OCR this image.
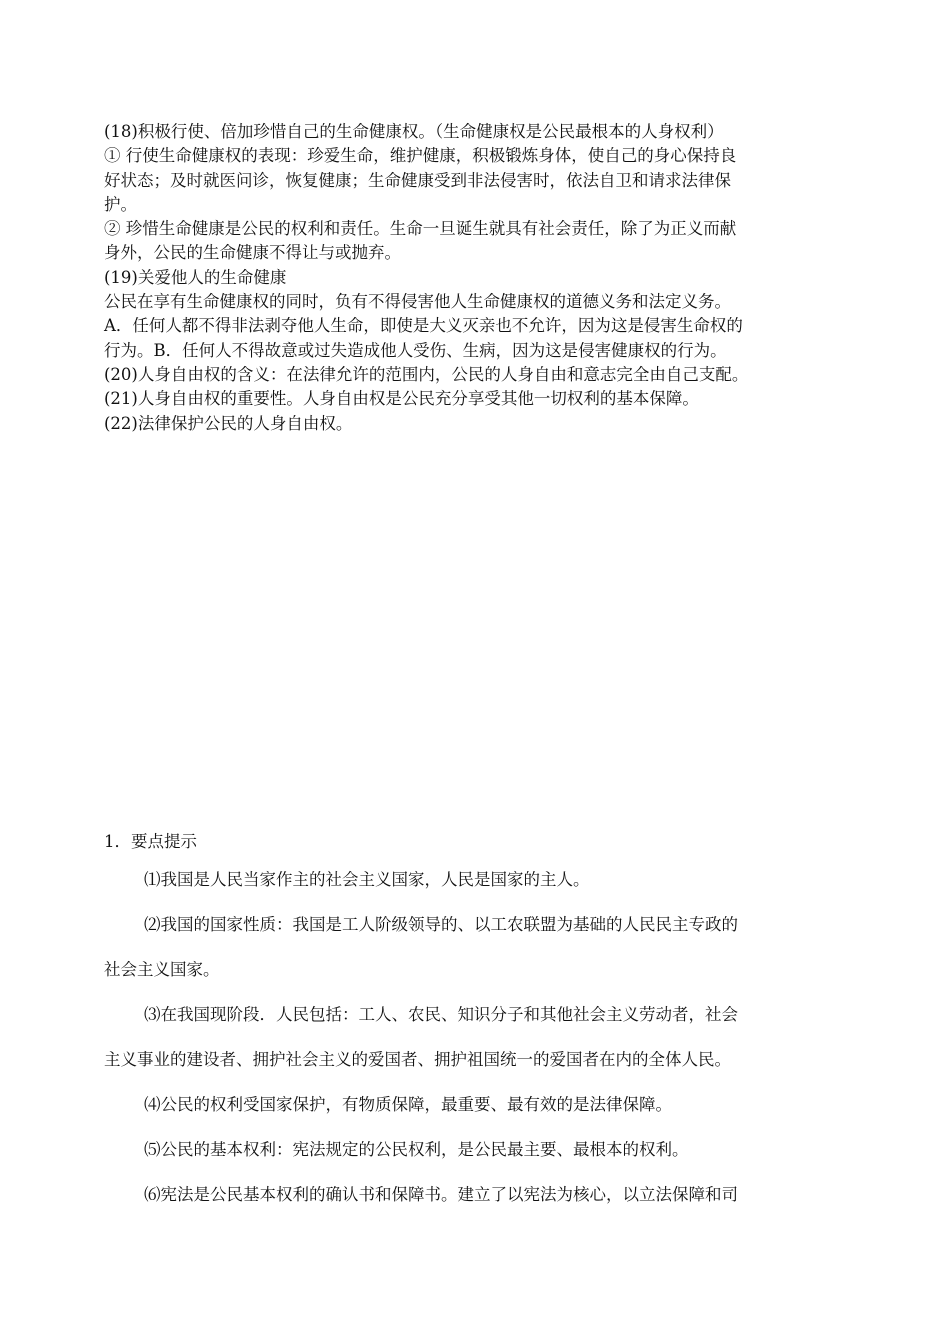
(18)积极行使、倍加珍惜自己的生命健康权。（生命健康权是公民最根本的人身权利）

① 行使生命健康权的表现：珍爱生命，维护健康，积极锻炼身体，使自己的身心保持良

好状态；及时就医问诊，恢复健康；生命健康受到非法侵害时，依法自卫和请求法律保

护。

② 珍惜生命健康是公民的权利和责任。生命一旦诞生就具有社会责任，除了为正义而献

身外，公民的生命健康不得让与或抛弃。

(19)关爱他人的生命健康

公民在享有生命健康权的同时，负有不得侵害他人生命健康权的道德义务和法定义务。

A．任何人都不得非法剥夺他人生命，即使是大义灭亲也不允许，因为这是侵害生命权的

行为。B．任何人不得故意或过失造成他人受伤、生病，因为这是侵害健康权的行为。

(20)人身自由权的含义：在法律允许的范围内，公民的人身自由和意志完全由自己支配。

(21)人身自由权的重要性。人身自由权是公民充分享受其他一切权利的基本保障。

(22)法律保护公民的人身自由权。

1．要点提示

⑴我国是人民当家作主的社会主义国家，人民是国家的主人。

⑵我国的国家性质：我国是工人阶级领导的、以工农联盟为基础的人民民主专政的

社会主义国家。

⑶在我国现阶段．人民包括：工人、农民、知识分子和其他社会主义劳动者，社会

主义事业的建设者、拥护社会主义的爱国者、拥护祖国统一的爱国者在内的全体人民。

⑷公民的权利受国家保护，有物质保障，最重要、最有效的是法律保障。

⑸公民的基本权利：宪法规定的公民权利，是公民最主要、最根本的权利。

⑹宪法是公民基本权利的确认书和保障书。建立了以宪法为核心，以立法保障和司
